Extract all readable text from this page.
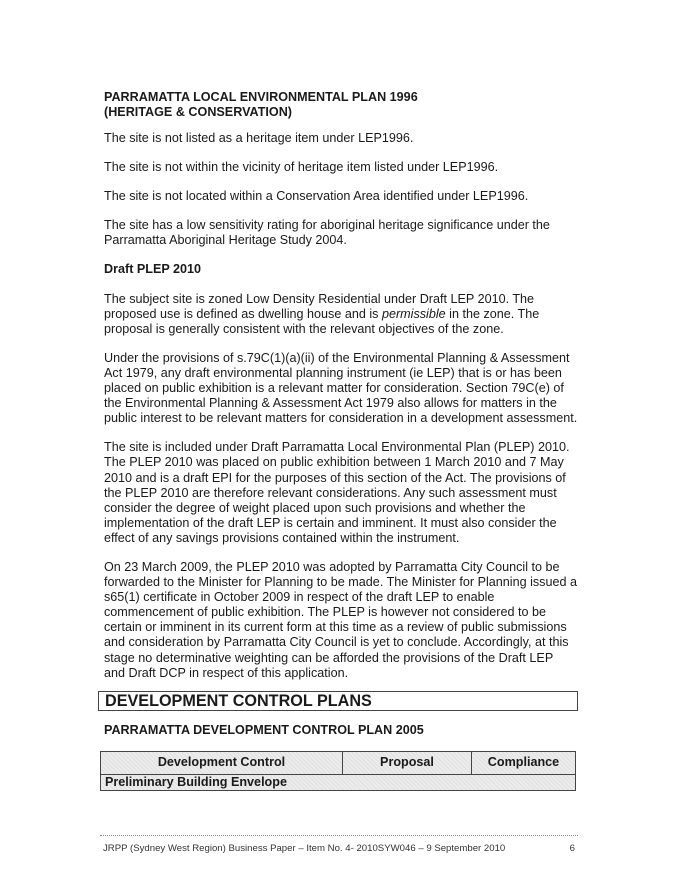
PARRAMATTA LOCAL ENVIRONMENTAL PLAN 1996
(HERITAGE & CONSERVATION)

The site is not listed as a heritage item under LEP1996.

The site is not within the vicinity of heritage item listed under LEP1996.

The site is not located within a Conservation Area identified under LEP1996.

The site has a low sensitivity rating for aboriginal heritage significance under the
Parramatta Aboriginal Heritage Study 2004.

Draft PLEP 2010

The subject site is zoned Low Density Residential under Draft LEP 2010. The
proposed use is defined as dwelling house and is permissible in the zone. The
proposal is generally consistent with the relevant objectives of the zone.

Under the provisions of s.79C(1)(a)(ii) of the Environmental Planning & Assessment
Act 1979, any draft environmental planning instrument (ie LEP) that is or has been
placed on public exhibition is a relevant matter for consideration. Section 79C(e) of
the Environmental Planning & Assessment Act 1979 also allows for matters in the
public interest to be relevant matters for consideration in a development assessment.

The site is included under Draft Parramatta Local Environmental Plan (PLEP) 2010.
The PLEP 2010 was placed on public exhibition between 1 March 2010 and 7 May
2010 and is a draft EPI for the purposes of this section of the Act. The provisions of
the PLEP 2010 are therefore relevant considerations. Any such assessment must
consider the degree of weight placed upon such provisions and whether the
implementation of the draft LEP is certain and imminent. It must also consider the
effect of any savings provisions contained within the instrument.

On 23 March 2009, the PLEP 2010 was adopted by Parramatta City Council to be
forwarded to the Minister for Planning to be made. The Minister for Planning issued a
s65(1) certificate in October 2009 in respect of the draft LEP to enable
commencement of public exhibition. The PLEP is however not considered to be
certain or imminent in its current form at this time as a review of public submissions
and consideration by Parramatta City Council is yet to conclude. Accordingly, at this
stage no determinative weighting can be afforded the provisions of the Draft LEP
and Draft DCP in respect of this application.

DEVELOPMENT CONTROL PLANS
PARRAMATTA DEVELOPMENT CONTROL PLAN 2005
Development Control	Proposal	Compliance
Preliminary Building Envelope
JRPP (Sydney West Region) Business Paper – Item No. 4- 2010SYW046 – 9 September 2010	6
